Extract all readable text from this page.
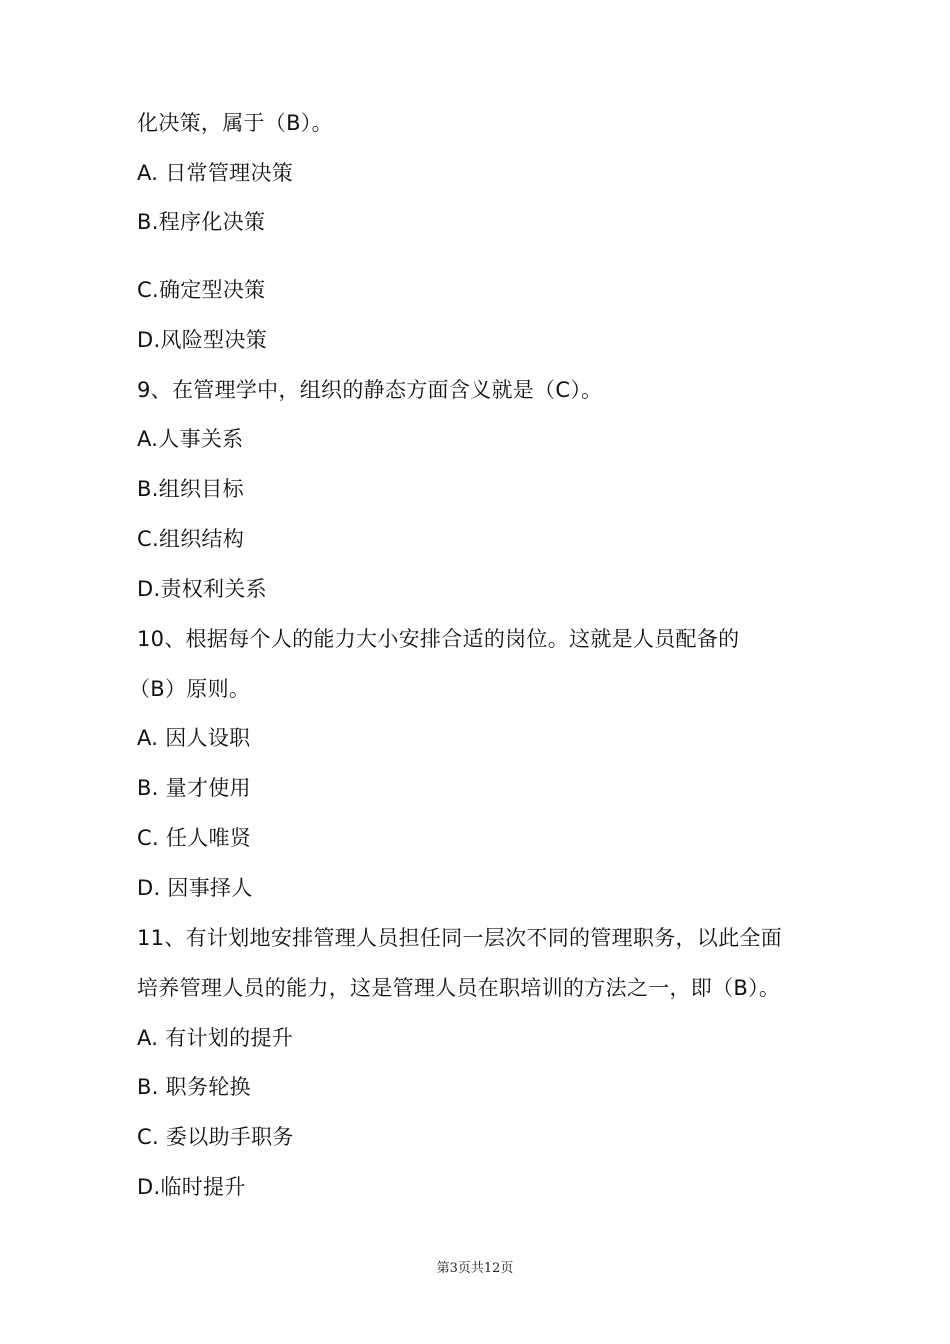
化决策，属于（B）。
A. 日常管理决策
B.程序化决策
C.确定型决策
D.风险型决策
9、在管理学中，组织的静态方面含义就是（C）。
A.人事关系
B.组织目标
C.组织结构
D.责权利关系
10、根据每个人的能力大小安排合适的岗位。这就是人员配备的
（B）原则。
A. 因人设职
B. 量才使用
C. 任人唯贤
D. 因事择人
11、有计划地安排管理人员担任同一层次不同的管理职务，以此全面
培养管理人员的能力，这是管理人员在职培训的方法之一，即（B）。
A. 有计划的提升
B. 职务轮换
C. 委以助手职务
D.临时提升
第3页共12页
